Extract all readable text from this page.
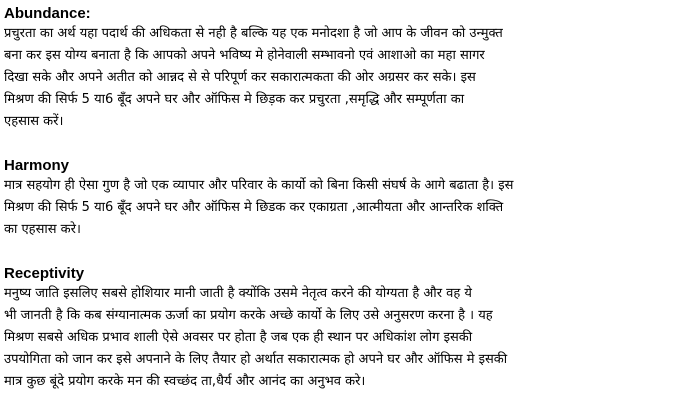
Abundance:
प्रचुरता का अर्थ यहा पदार्थ की अधिकता से नही है बल्कि यह एक मनोदशा है जो आप के जीवन को उन्मुक्त
बना कर इस योग्य बनाता है कि आपको अपने भविष्य मे होनेवाली सम्भावनो एवं आशाओ का महा सागर
दिखा सके और अपने अतीत को आन्नद से से परिपूर्ण कर सकारात्मकता की ओर अग्रसर कर सके। इस
मिश्रण की सिर्फ 5 या6 बूँद अपने घर और ऑफिस मे छिड़क कर प्रचुरता ,समृद्धि और सम्पूर्णता का
एहसास करें।
Harmony
मात्र सहयोग ही ऐसा गुण है जो एक व्यापार और परिवार के कार्यो को बिना किसी संघर्ष के आगे बढाता है। इस
मिश्रण की सिर्फ 5 या6 बूँद अपने घर और ऑफिस मे छिडक कर एकाग्रता ,आत्मीयता और आन्तरिक शक्ति
का एहसास करे।
Receptivity
मनुष्य जाति इसलिए सबसे होशियार मानी जाती है क्योंकि उसमे नेतृत्व करने की योग्यता है और वह ये
भी जानती है कि कब संग्यानात्मक ऊर्जा का प्रयोग करके अच्छे कार्यो के लिए उसे अनुसरण करना है । यह
मिश्रण सबसे अधिक प्रभाव शाली ऐसे अवसर पर होता है जब एक ही स्थान पर अधिकांश लोग इसकी
उपयोगिता को जान कर इसे अपनाने के लिए तैयार हो अर्थात सकारात्मक हो अपने घर और ऑफिस मे इसकी
मात्र कुछ बूंदे प्रयोग करके मन की स्वच्छंद ता,धैर्य और आनंद का अनुभव करे।
